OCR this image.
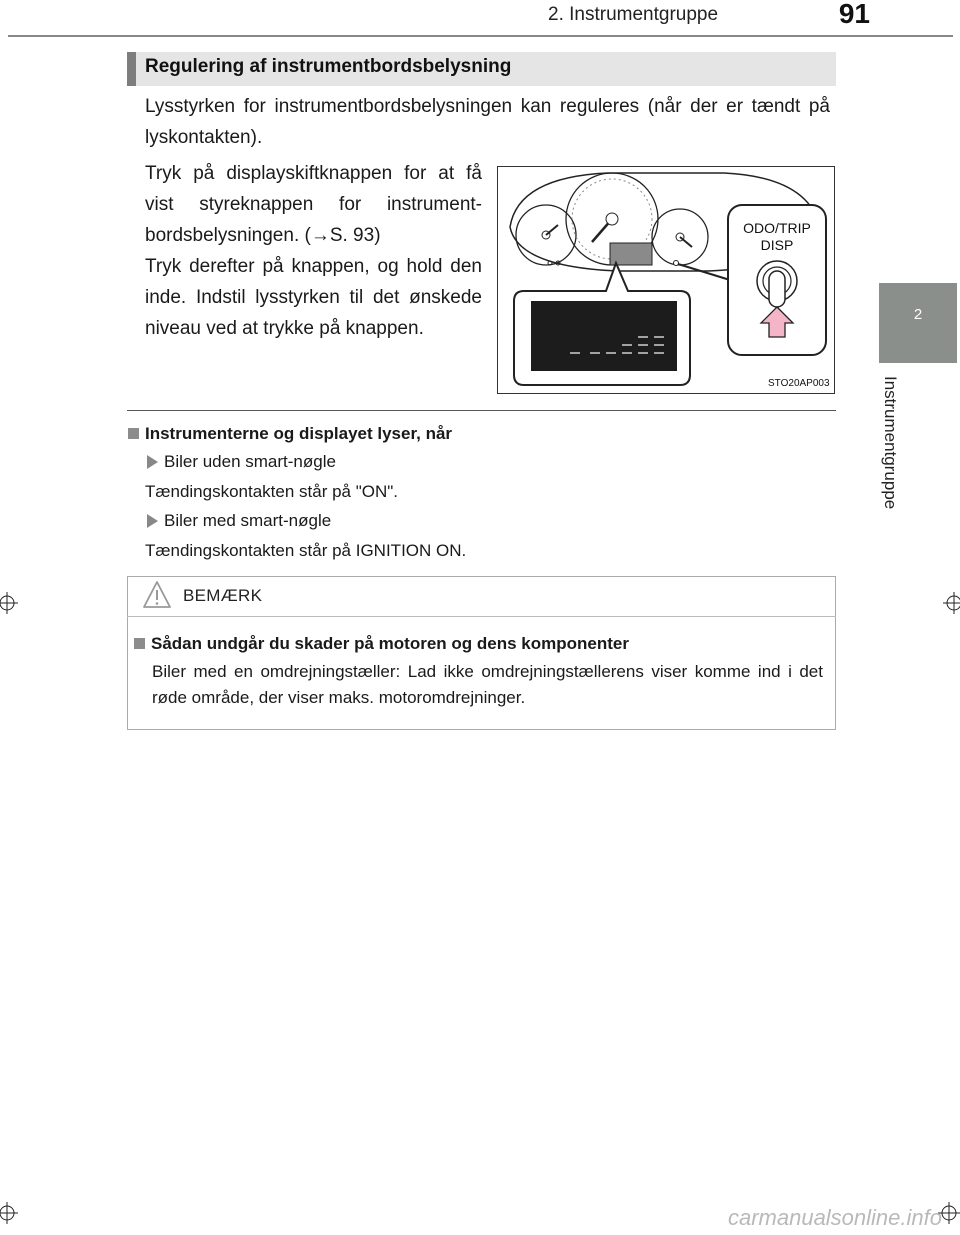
2. Instrumentgruppe	91
2
Instrumentgruppe
Regulering af instrumentbordsbelysning
Lysstyrken for instrumentbordsbelysningen kan reguleres (når der er tændt på lyskontakten).
Tryk på displayskiftknappen for at få vist styreknappen for instrument-bordsbelysningen. (→S. 93)
Tryk derefter på knappen, og hold den inde. Indstil lysstyrken til det ønskede niveau ved at trykke på knappen.
ODO/TRIP
DISP
STO20AP003
Instrumenterne og displayet lyser, når
Biler uden smart-nøgle
Tændingskontakten står på "ON".
Biler med smart-nøgle
Tændingskontakten står på IGNITION ON.
BEMÆRK
Sådan undgår du skader på motoren og dens komponenter
Biler med en omdrejningstæller: Lad ikke omdrejningstællerens viser komme ind i det røde område, der viser maks. motoromdrejninger.
carmanualsonline.info
